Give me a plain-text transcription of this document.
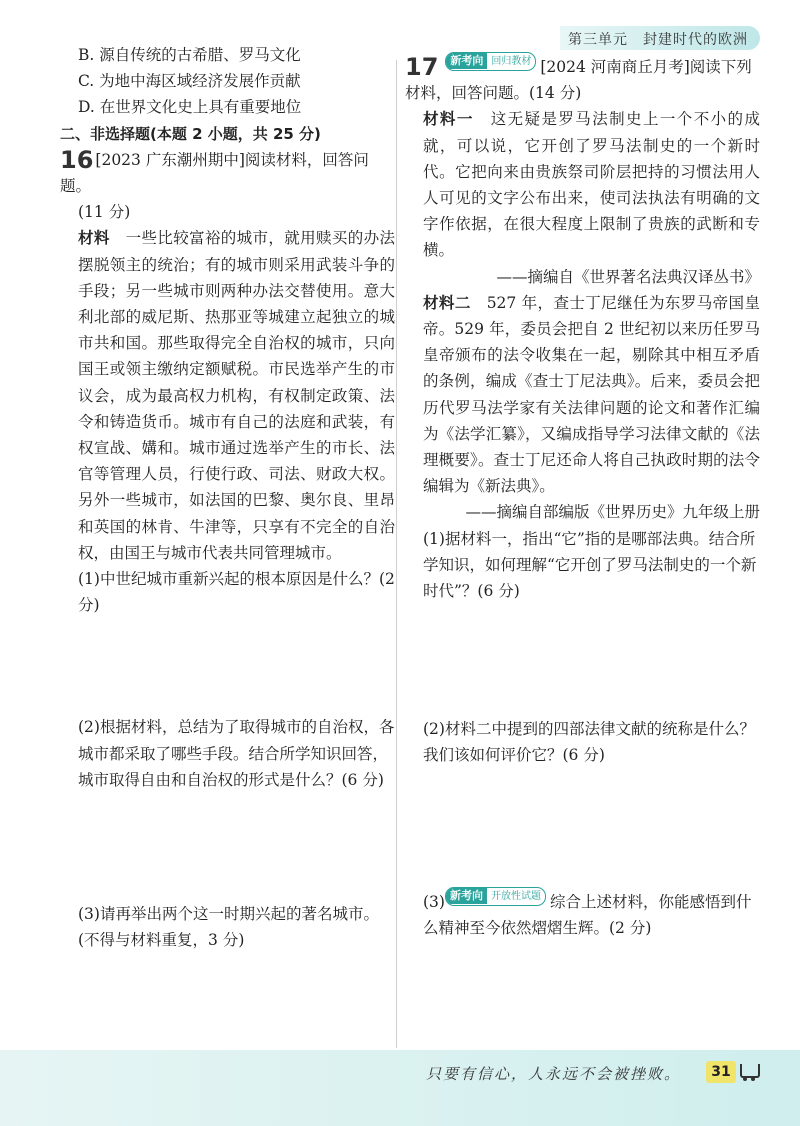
第三单元　封建时代的欧洲

B. 源自传统的古希腊、罗马文化

C. 为地中海区域经济发展作贡献

D. 在世界文化史上具有重要地位

二、非选择题(本题 2 小题，共 25 分)

16 [2023 广东潮州期中]阅读材料，回答问题。

(11 分)

材料　 一些比较富裕的城市，就用赎买的办法摆脱领主的统治；有的城市则采用武装斗争的手段；另一些城市则两种办法交替使用。意大利北部的威尼斯、热那亚等城建立起独立的城市共和国。那些取得完全自治权的城市，只向国王或领主缴纳定额赋税。市民选举产生的市议会，成为最高权力机构，有权制定政策、法令和铸造货币。城市有自己的法庭和武装，有权宣战、媾和。城市通过选举产生的市长、法官等管理人员，行使行政、司法、财政大权。另外一些城市，如法国的巴黎、奥尔良、里昂和英国的林肯、牛津等，只享有不完全的自治权，由国王与城市代表共同管理城市。

(1)中世纪城市重新兴起的根本原因是什么？(2 分)

(2)根据材料，总结为了取得城市的自治权，各城市都采取了哪些手段。结合所学知识回答，城市取得自由和自治权的形式是什么？(6 分)

(3)请再举出两个这一时期兴起的著名城市。(不得与材料重复，3 分)

17 新考向 回归教材 [2024 河南商丘月考]阅读下列材料，回答问题。(14 分)

材料一　 这无疑是罗马法制史上一个不小的成就，可以说，它开创了罗马法制史的一个新时代。它把向来由贵族祭司阶层把持的习惯法用人人可见的文字公布出来，使司法执法有明确的文字作依据，在很大程度上限制了贵族的武断和专横。

——摘编自《世界著名法典汉译丛书》

材料二　 527 年，查士丁尼继任为东罗马帝国皇帝。529 年，委员会把自 2 世纪初以来历任罗马皇帝颁布的法令收集在一起，剔除其中相互矛盾的条例，编成《查士丁尼法典》。后来，委员会把历代罗马法学家有关法律问题的论文和著作汇编为《法学汇纂》，又编成指导学习法律文献的《法理概要》。查士丁尼还命人将自己执政时期的法令编辑为《新法典》。

——摘编自部编版《世界历史》九年级上册

(1)据材料一，指出“它”指的是哪部法典。结合所学知识，如何理解“它开创了罗马法制史的一个新时代”？(6 分)

(2)材料二中提到的四部法律文献的统称是什么？我们该如何评价它？(6 分)

(3) 新考向 开放性试题 综合上述材料，你能感悟到什么精神至今依然熠熠生辉。(2 分)

只要有信心，人永远不会被挫败。	31
